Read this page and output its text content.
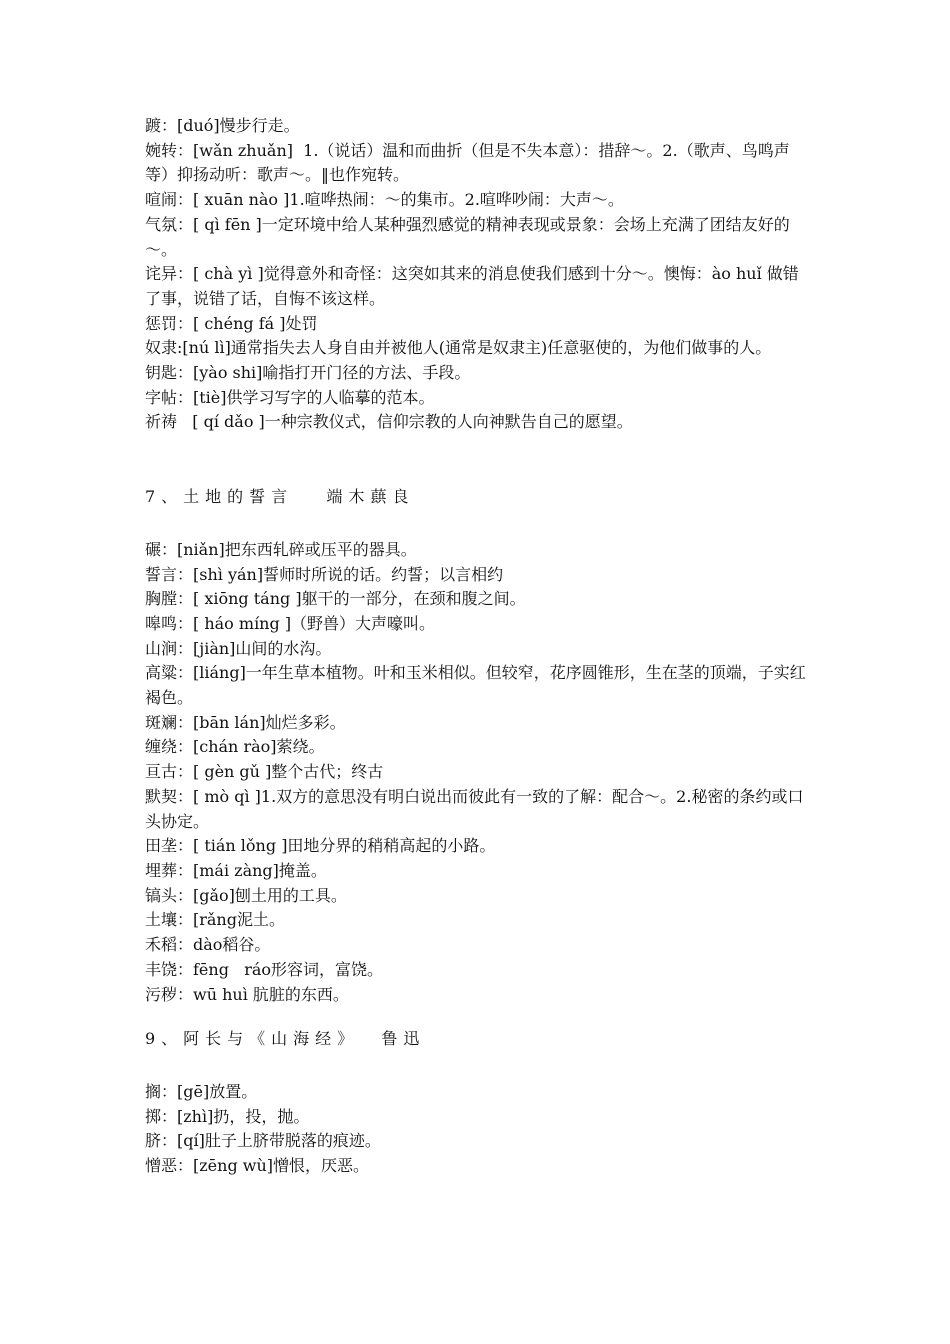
踱：[duó]慢步行走。

婉转：[wǎn zhuǎn]  1.（说话）温和而曲折（但是不失本意）：措辞～。2.（歌声、鸟鸣声等）抑扬动听：歌声～。‖也作宛转。

喧闹：[ xuān nào ]1.喧哗热闹：～的集市。2.喧哗吵闹：大声～。

气氛：[ qì fēn ]一定环境中给人某种强烈感觉的精神表现或景象：会场上充满了团结友好的～。

诧异：[ chà yì ]觉得意外和奇怪：这突如其来的消息使我们感到十分～。懊悔：ào huǐ 做错了事，说错了话，自悔不该这样。

惩罚：[ chéng fá ]处罚

奴隶:[nú lì]通常指失去人身自由并被他人(通常是奴隶主)任意驱使的，为他们做事的人。

钥匙：[yào shi]喻指打开门径的方法、手段。

字帖：[tiè]供学习写字的人临摹的范本。

祈祷   [ qí dǎo ]一种宗教仪式，信仰宗教的人向神默告自己的愿望。

7、土地的誓言   端木蕻良

碾：[niǎn]把东西轧碎或压平的器具。

誓言：[shì yán]誓师时所说的话。约誓；以言相约

胸膛：[ xiōng táng ]躯干的一部分，在颈和腹之间。

嗥鸣：[ háo míng ]（野兽）大声嚎叫。

山涧：[jiàn]山间的水沟。

高粱：[liáng]一年生草本植物。叶和玉米相似。但较窄，花序圆锥形，生在茎的顶端，子实红褐色。

斑斓：[bān lán]灿烂多彩。

缠绕：[chán rào]萦绕。

亘古：[ gèn gǔ ]整个古代；终古

默契：[ mò qì ]1.双方的意思没有明白说出而彼此有一致的了解：配合～。2.秘密的条约或口头协定。

田垄：[ tián lǒng ]田地分界的稍稍高起的小路。

埋葬：[mái zàng]掩盖。

镐头：[gǎo]刨土用的工具。

土壤：[rǎng泥土。

禾稻：dào稻谷。

丰饶：fēng   ráo形容词，富饶。

污秽：wū huì 肮脏的东西。

9、阿长与《山海经》  鲁迅

搁：[gē]放置。

掷：[zhì]扔，投，抛。

脐：[qí]肚子上脐带脱落的痕迹。

憎恶：[zēng wù]憎恨，厌恶。
